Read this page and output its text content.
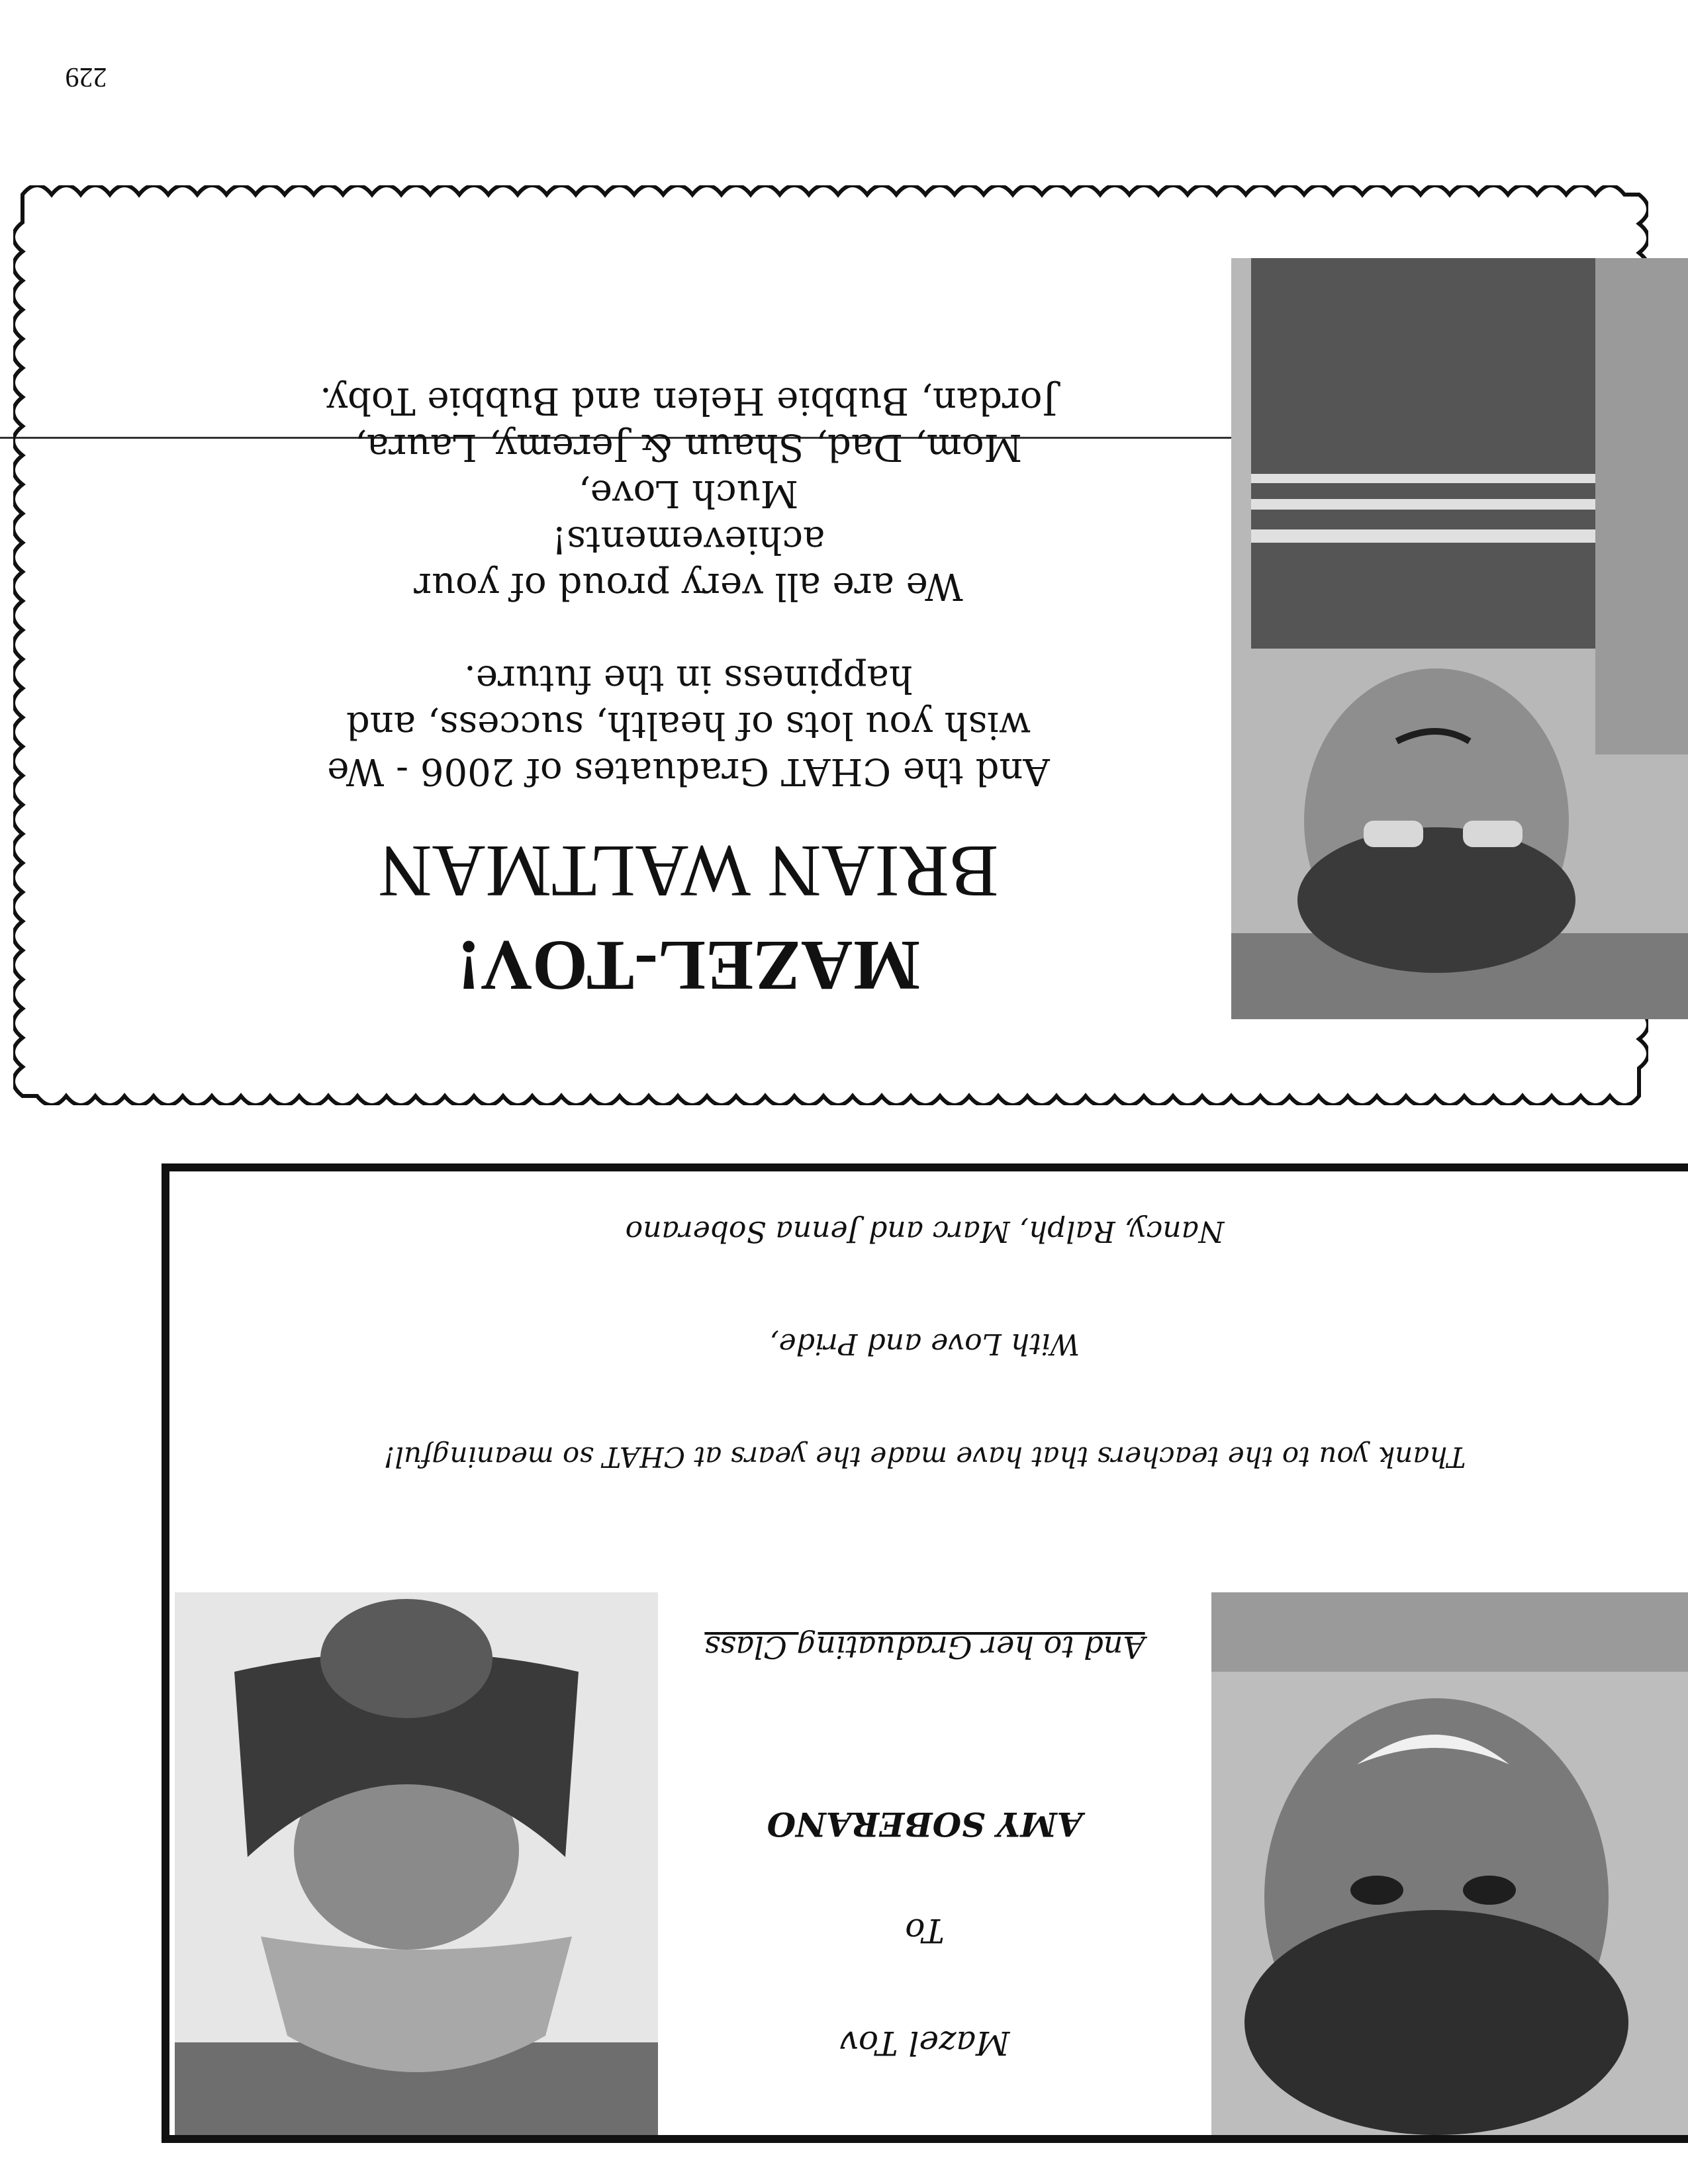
229
Mazel Tov
To
AMY SOBERANO
And to her Graduating Class
Thank you to the teachers that have made the years at CHAT so meaningful!
With Love and Pride,
Nancy, Ralph, Marc and Jenna Soberano
MAZEL-TOV!
BRIAN WALTMAN
And the CHAT Graduates of 2006 - We
wish you lots of health, success, and
happiness in the future.
We are all very proud of your
achievements!
Much Love,
Mom, Dad, Shaun & Jeremy, Laura,
Jordan, Bubbie Helen and Bubbie Toby.
